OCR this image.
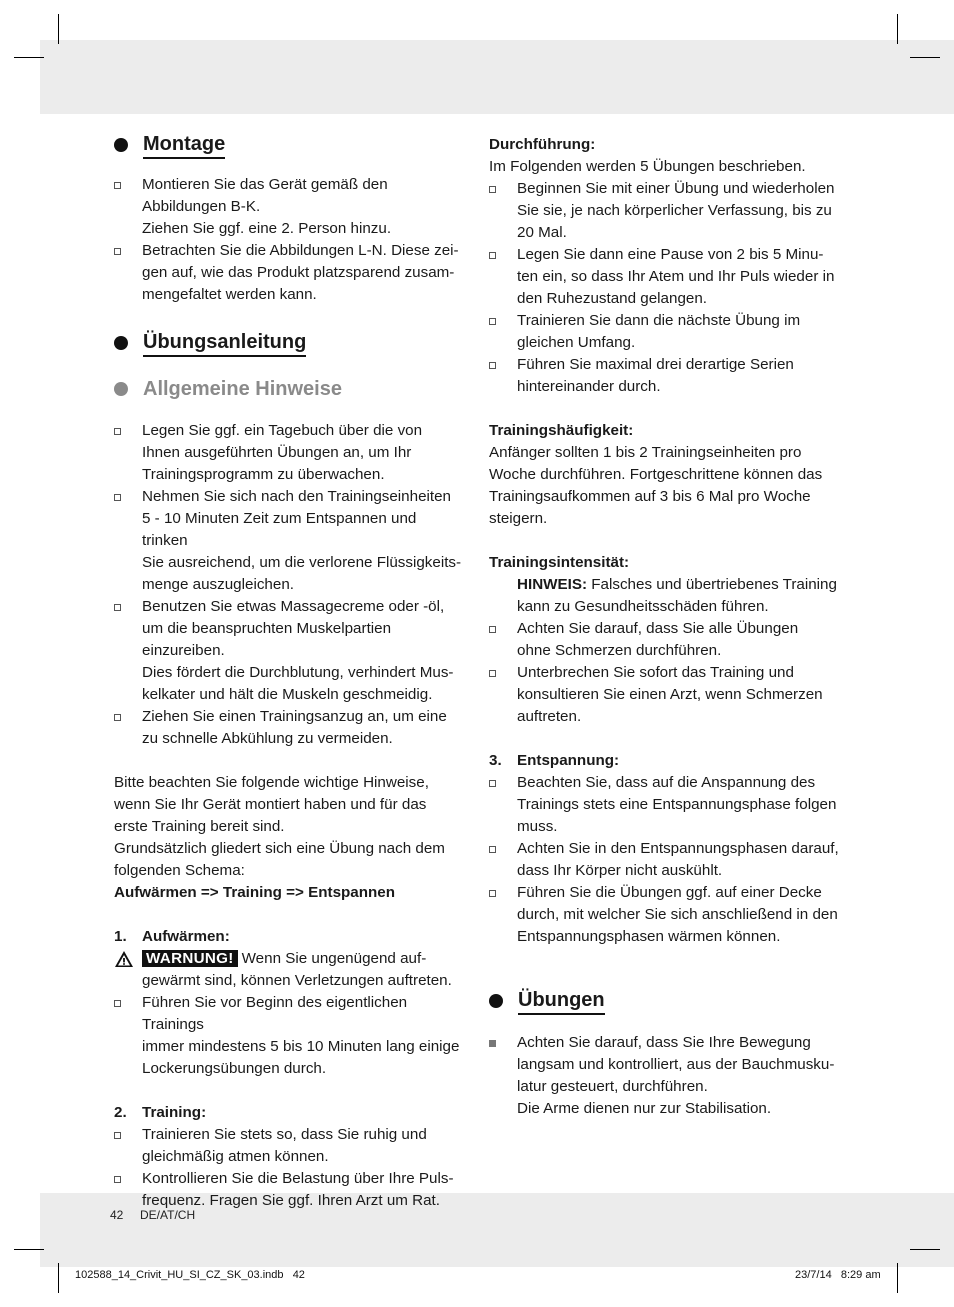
Montage
Montieren Sie das Gerät gemäß den
Abbildungen B-K.
Ziehen Sie ggf. eine 2. Person hinzu.
Betrachten Sie die Abbildungen L-N. Diese zei-
gen auf, wie das Produkt platzsparend zusam-
mengefaltet werden kann.
Übungsanleitung
Allgemeine Hinweise
Legen Sie ggf. ein Tagebuch über die von
Ihnen ausgeführten Übungen an, um Ihr
Trainingsprogramm zu überwachen.
Nehmen Sie sich nach den Trainingseinheiten
5 - 10 Minuten Zeit zum Entspannen und trinken
Sie ausreichend, um die verlorene Flüssigkeits-
menge auszugleichen.
Benutzen Sie etwas Massagecreme oder -öl,
um die beanspruchten Muskelpartien einzureiben.
Dies fördert die Durchblutung, verhindert Mus-
kelkater und hält die Muskeln geschmeidig.
Ziehen Sie einen Trainingsanzug an, um eine
zu schnelle Abkühlung zu vermeiden.
Bitte beachten Sie folgende wichtige Hinweise,
wenn Sie Ihr Gerät montiert haben und für das
erste Training bereit sind.
Grundsätzlich gliedert sich eine Übung nach dem
folgenden Schema:
Aufwärmen => Training => Entspannen
1. Aufwärmen:
WARNUNG! Wenn Sie ungenügend auf-
gewärmt sind, können Verletzungen auftreten.
Führen Sie vor Beginn des eigentlichen Trainings
immer mindestens 5 bis 10 Minuten lang einige
Lockerungsübungen durch.
2. Training:
Trainieren Sie stets so, dass Sie ruhig und
gleichmäßig atmen können.
Kontrollieren Sie die Belastung über Ihre Puls-
frequenz. Fragen Sie ggf. Ihren Arzt um Rat.
Durchführung:
Im Folgenden werden 5 Übungen beschrieben.
Beginnen Sie mit einer Übung und wiederholen
Sie sie, je nach körperlicher Verfassung, bis zu
20 Mal.
Legen Sie dann eine Pause von 2 bis 5 Minu-
ten ein, so dass Ihr Atem und Ihr Puls wieder in
den Ruhezustand gelangen.
Trainieren Sie dann die nächste Übung im
gleichen Umfang.
Führen Sie maximal drei derartige Serien
hintereinander durch.
Trainingshäufigkeit:
Anfänger sollten 1 bis 2 Trainingseinheiten pro
Woche durchführen. Fortgeschrittene können das
Trainingsaufkommen auf 3 bis 6 Mal pro Woche
steigern.
Trainingsintensität:
HINWEIS: Falsches und übertriebenes Training
kann zu Gesundheitsschäden führen.
Achten Sie darauf, dass Sie alle Übungen
ohne Schmerzen durchführen.
Unterbrechen Sie sofort das Training und
konsultieren Sie einen Arzt, wenn Schmerzen
auftreten.
3. Entspannung:
Beachten Sie, dass auf die Anspannung des
Trainings stets eine Entspannungsphase folgen
muss.
Achten Sie in den Entspannungsphasen darauf,
dass Ihr Körper nicht auskühlt.
Führen Sie die Übungen ggf. auf einer Decke
durch, mit welcher Sie sich anschließend in den
Entspannungsphasen wärmen können.
Übungen
Achten Sie darauf, dass Sie Ihre Bewegung
langsam und kontrolliert, aus der Bauchmusku-
latur gesteuert, durchführen.
Die Arme dienen nur zur Stabilisation.
42 DE/AT/CH
102588_14_Crivit_HU_SI_CZ_SK_03.indb   42	23/7/14   8:29 am
